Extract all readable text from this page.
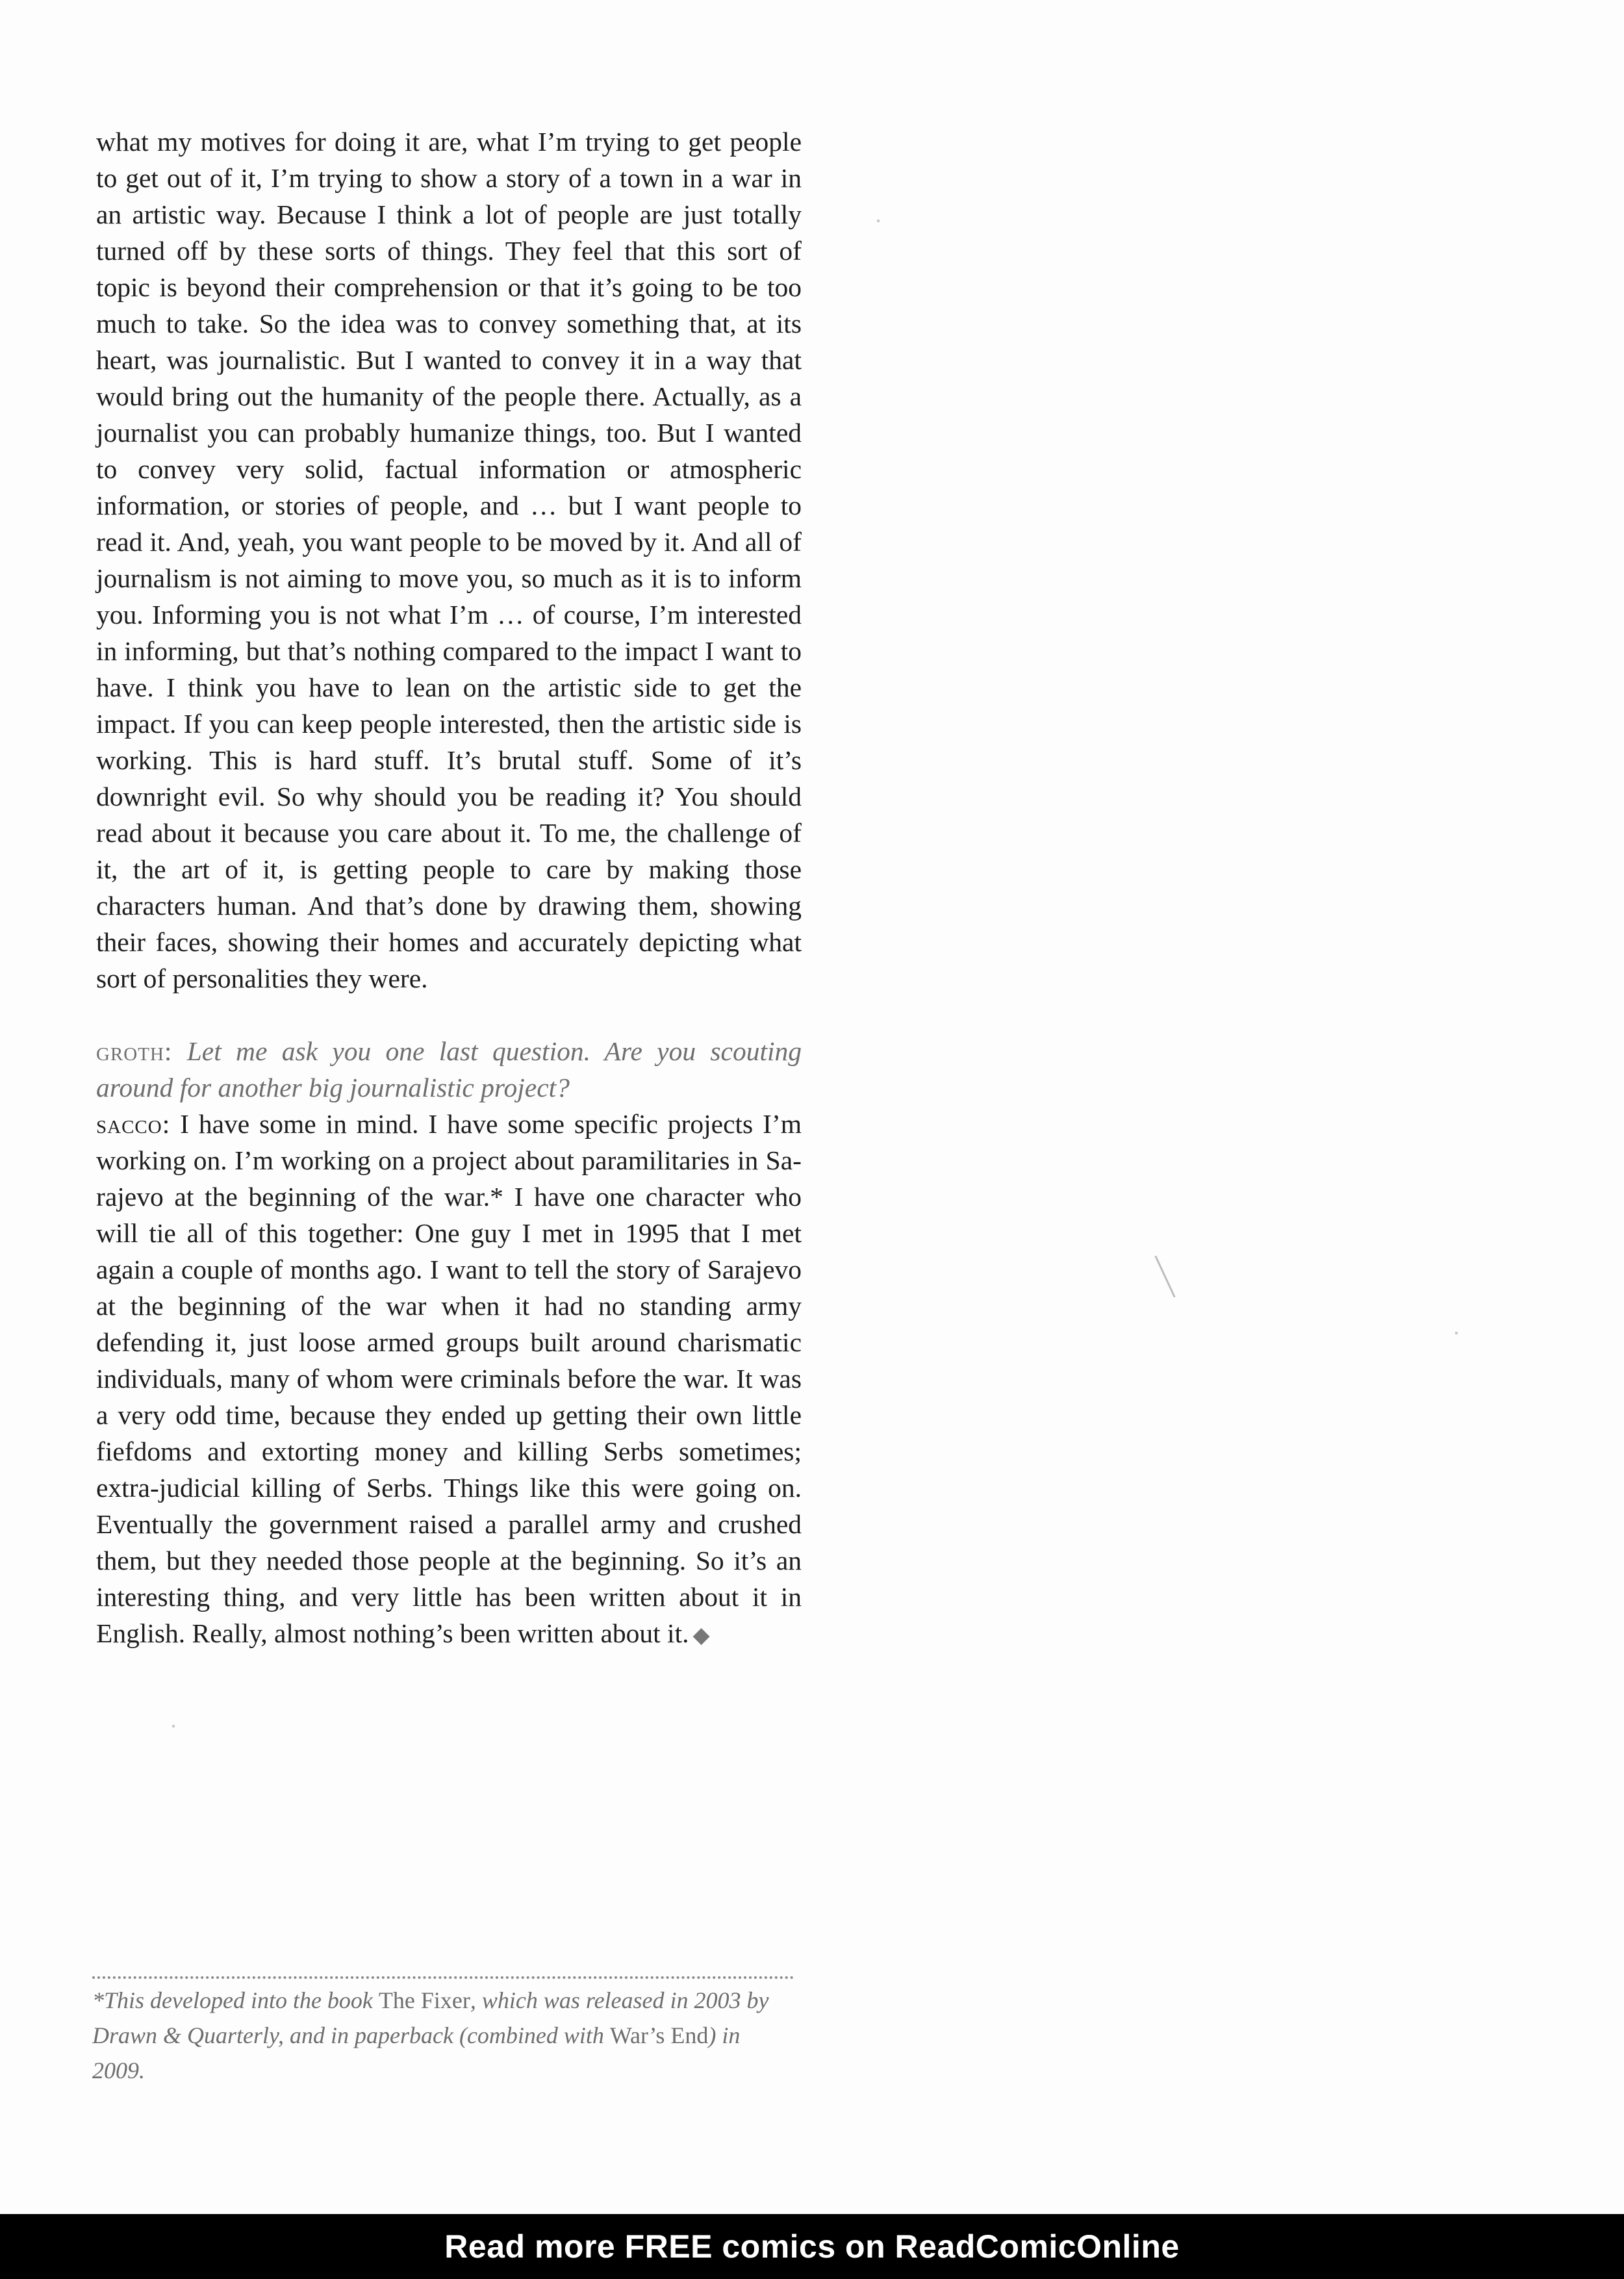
what my motives for doing it are, what I’m trying to get people to get out of it, I’m trying to show a story of a town in a war in an artistic way. Because I think a lot of people are just totally turned off by these sorts of things. They feel that this sort of topic is beyond their comprehension or that it’s going to be too much to take. So the idea was to convey something that, at its heart, was journalistic. But I wanted to convey it in a way that would bring out the humanity of the people there. Actually, as a journalist you can probably humanize things, too. But I wanted to convey very solid, factual information or atmospheric information, or stories of people, and … but I want people to read it. And, yeah, you want people to be moved by it. And all of journalism is not aiming to move you, so much as it is to inform you. Informing you is not what I’m … of course, I’m interested in informing, but that’s nothing compared to the impact I want to have. I think you have to lean on the artistic side to get the impact. If you can keep people interested, then the artistic side is working. This is hard stuff. It’s brutal stuff. Some of it’s downright evil. So why should you be reading it? You should read about it because you care about it. To me, the challenge of it, the art of it, is getting people to care by making those characters human. And that’s done by drawing them, showing their faces, showing their homes and accurately depicting what sort of personalities they were.

groth: Let me ask you one last question. Are you scouting around for another big journalistic project?

sacco: I have some in mind. I have some specific projects I’m working on. I’m working on a project about paramilitaries in Sarajevo at the beginning of the war.* I have one character who will tie all of this together: One guy I met in 1995 that I met again a couple of months ago. I want to tell the story of Sarajevo at the beginning of the war when it had no standing army defending it, just loose armed groups built around charismatic individuals, many of whom were criminals before the war. It was a very odd time, because they ended up getting their own little fiefdoms and extorting money and killing Serbs sometimes; extra-judicial killing of Serbs. Things like this were going on. Eventually the government raised a parallel army and crushed them, but they needed those people at the beginning. So it’s an interesting thing, and very little has been written about it in English. Really, almost nothing’s been written about it. ◆

*This developed into the book The Fixer, which was released in 2003 by Drawn & Quarterly, and in paperback (combined with War’s End) in 2009.

Read more FREE comics on ReadComicOnline
